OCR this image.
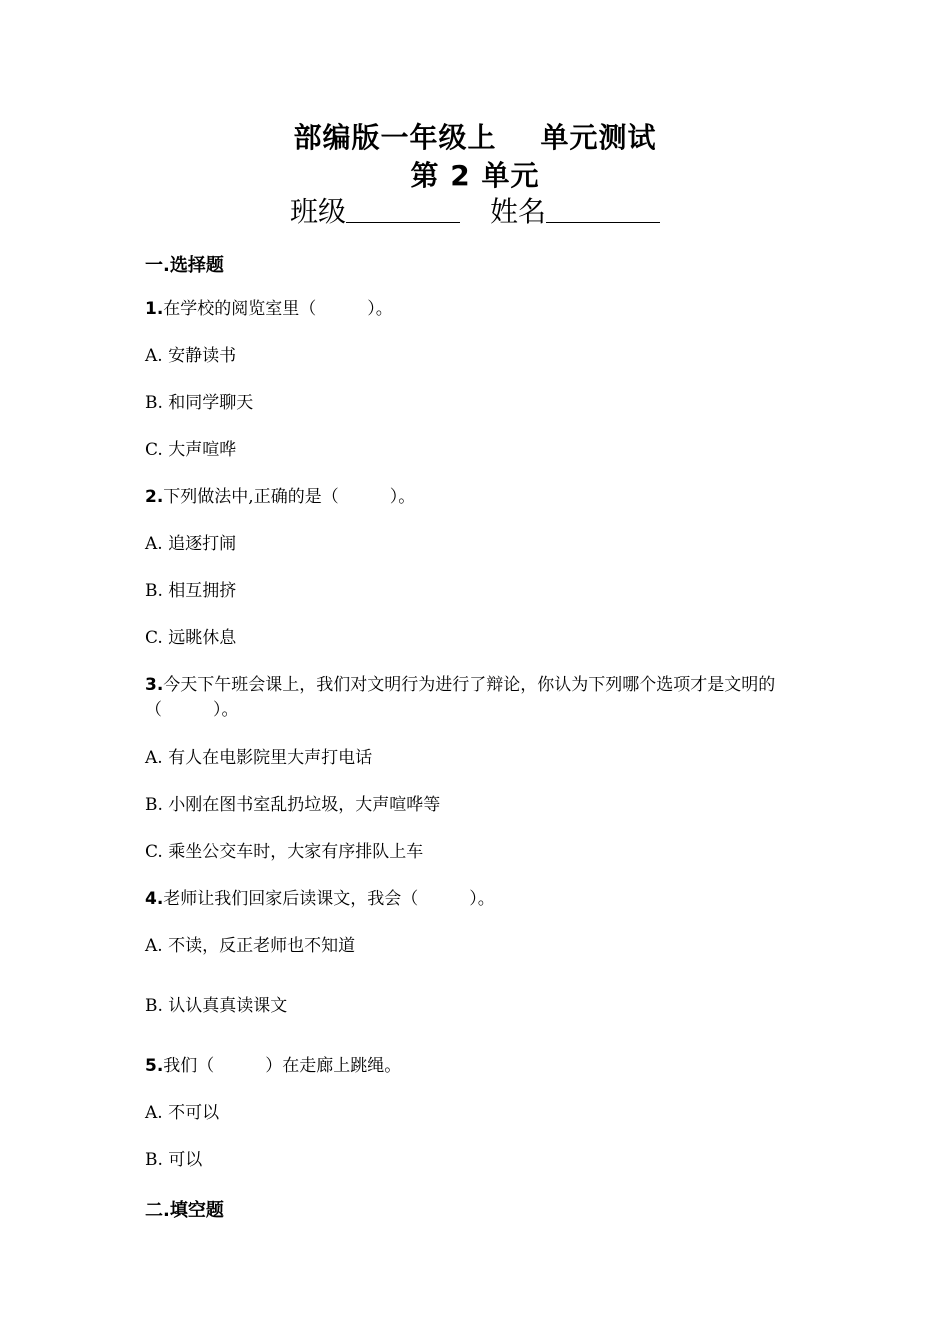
部编版一年级上 单元测试
第 2 单元
班级	姓名
一.选择题
1.在学校的阅览室里（　　　）。
A. 安静读书
B. 和同学聊天
C. 大声喧哗
2.下列做法中,正确的是（　　　）。
A. 追逐打闹
B. 相互拥挤
C. 远眺休息
3.今天下午班会课上，我们对文明行为进行了辩论，你认为下列哪个选项才是文明的（　　　）。
A. 有人在电影院里大声打电话
B. 小刚在图书室乱扔垃圾，大声喧哗等
C. 乘坐公交车时，大家有序排队上车
4.老师让我们回家后读课文，我会（　　　）。
A. 不读，反正老师也不知道
B. 认认真真读课文
5.我们（　　　）在走廊上跳绳。
A. 不可以
B. 可以
二.填空题
